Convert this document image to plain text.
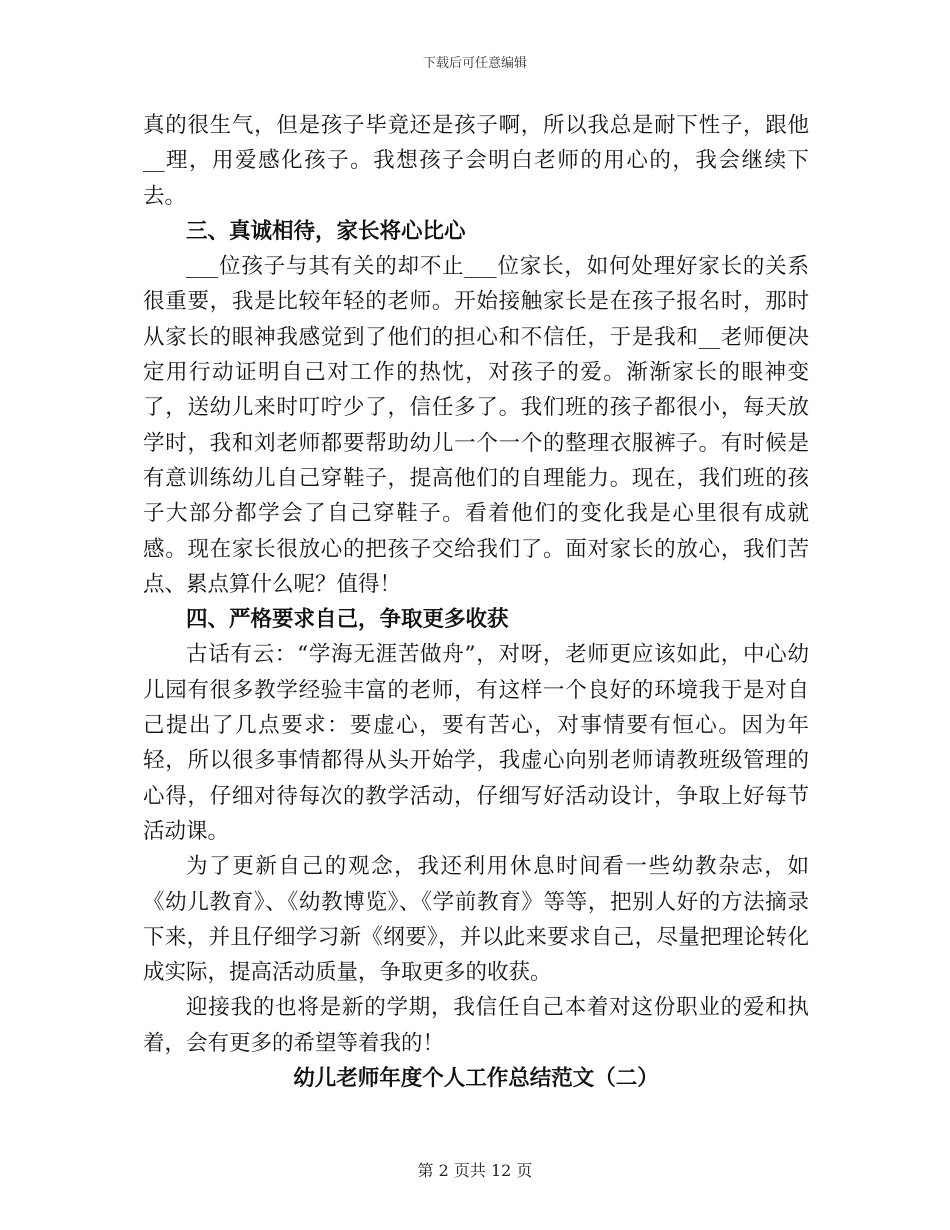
下载后可任意编辑

真的很生气，但是孩子毕竟还是孩子啊，所以我总是耐下性子，跟他__理，用爱感化孩子。我想孩子会明白老师的用心的，我会继续下去。

三、真诚相待，家长将心比心

___位孩子与其有关的却不止___位家长，如何处理好家长的关系很重要，我是比较年轻的老师。开始接触家长是在孩子报名时，那时从家长的眼神我感觉到了他们的担心和不信任，于是我和__老师便决定用行动证明自己对工作的热忱，对孩子的爱。渐渐家长的眼神变了，送幼儿来时叮咛少了，信任多了。我们班的孩子都很小，每天放学时，我和刘老师都要帮助幼儿一个一个的整理衣服裤子。有时候是有意训练幼儿自己穿鞋子，提高他们的自理能力。现在，我们班的孩子大部分都学会了自己穿鞋子。看着他们的变化我是心里很有成就感。现在家长很放心的把孩子交给我们了。面对家长的放心，我们苦点、累点算什么呢？值得！

四、严格要求自己，争取更多收获

古话有云：“学海无涯苦做舟”，对呀，老师更应该如此，中心幼儿园有很多教学经验丰富的老师，有这样一个良好的环境我于是对自己提出了几点要求：要虚心，要有苦心，对事情要有恒心。因为年轻，所以很多事情都得从头开始学，我虚心向别老师请教班级管理的心得，仔细对待每次的教学活动，仔细写好活动设计，争取上好每节活动课。

为了更新自己的观念，我还利用休息时间看一些幼教杂志，如《幼儿教育》、《幼教博览》、《学前教育》等等，把别人好的方法摘录下来，并且仔细学习新《纲要》，并以此来要求自己，尽量把理论转化成实际，提高活动质量，争取更多的收获。

迎接我的也将是新的学期，我信任自己本着对这份职业的爱和执着，会有更多的希望等着我的！

幼儿老师年度个人工作总结范文（二）

第 2 页共 12 页
